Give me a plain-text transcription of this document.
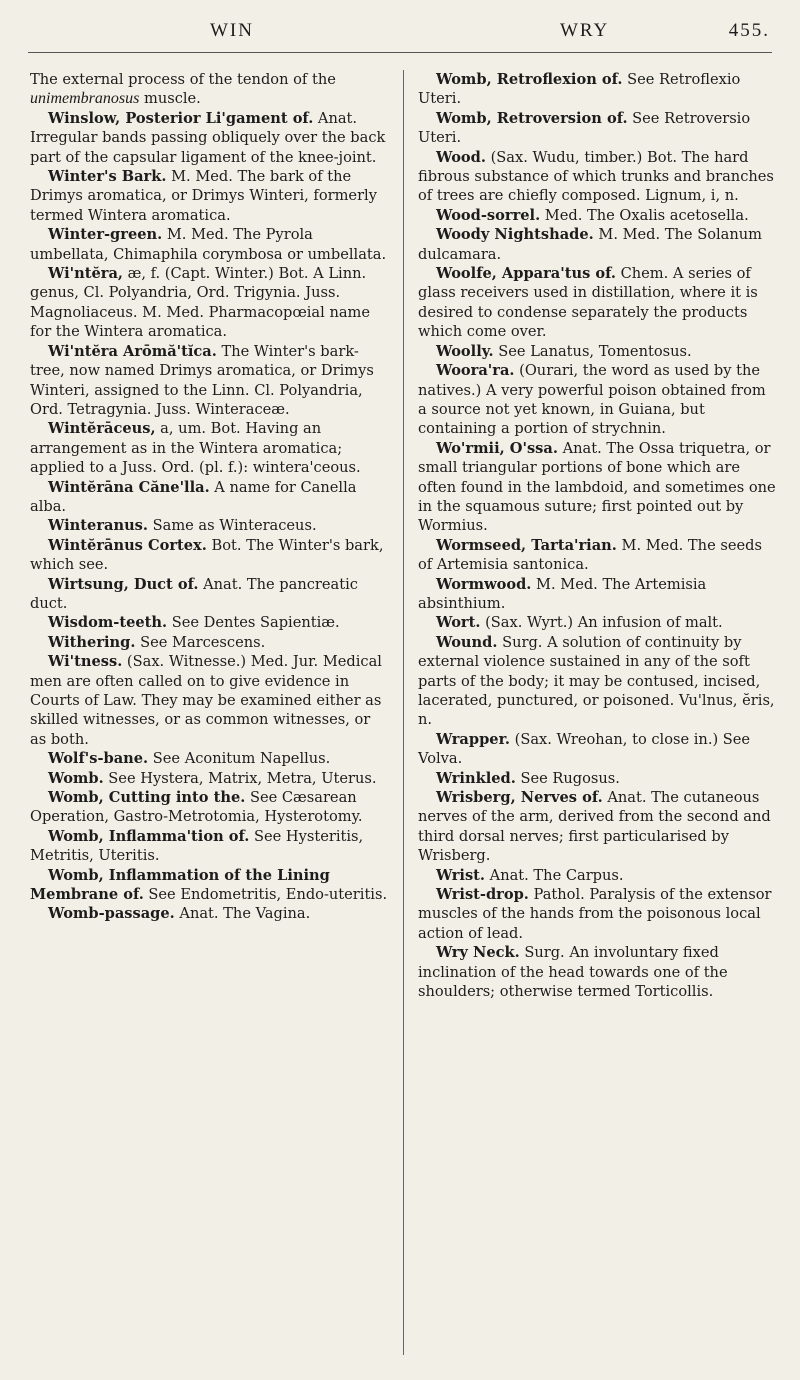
WIN	WRY	455.

The external process of the tendon of the unimembranosus muscle.

Winslow, Posterior Li'gament of. Anat. Irregular bands passing obliquely over the back part of the capsular ligament of the knee-joint.

Winter's Bark. M. Med. The bark of the Drimys aromatica, or Drimys Winteri, formerly termed Wintera aromatica.

Winter-green. M. Med. The Pyrola umbellata, Chimaphila corymbosa or umbellata.

Wi'ntĕra, æ, f. (Capt. Winter.) Bot. A Linn. genus, Cl. Polyandria, Ord. Trigynia. Juss. Magnoliaceus. M. Med. Pharmacopœial name for the Wintera aromatica.

Wi'ntĕra Arōmă'tĭca. The Winter's bark-tree, now named Drimys aromatica, or Drimys Winteri, assigned to the Linn. Cl. Polyandria, Ord. Tetragynia. Juss. Winteraceæ.

Wintĕrāceus, a, um. Bot. Having an arrangement as in the Wintera aromatica; applied to a Juss. Ord. (pl. f.): wintera'ceous.

Wintĕrāna Căne'lla. A name for Canella alba.

Winteranus. Same as Winteraceus.

Wintĕrānus Cortex. Bot. The Winter's bark, which see.

Wirtsung, Duct of. Anat. The pancreatic duct.

Wisdom-teeth. See Dentes Sapientiæ.

Withering. See Marcescens.

Wi'tness. (Sax. Witnesse.) Med. Jur. Medical men are often called on to give evidence in Courts of Law. They may be examined either as skilled witnesses, or as common witnesses, or as both.

Wolf's-bane. See Aconitum Napellus.

Womb. See Hystera, Matrix, Metra, Uterus.

Womb, Cutting into the. See Cæsarean Operation, Gastro-Metrotomia, Hysterotomy.

Womb, Inflamma'tion of. See Hysteritis, Metritis, Uteritis.

Womb, Inflammation of the Lining Membrane of. See Endometritis, Endo-uteritis.

Womb-passage. Anat. The Vagina.

Womb, Retroflexion of. See Retroflexio Uteri.

Womb, Retroversion of. See Retroversio Uteri.

Wood. (Sax. Wudu, timber.) Bot. The hard fibrous substance of which trunks and branches of trees are chiefly composed. Lignum, i, n.

Wood-sorrel. Med. The Oxalis acetosella.

Woody Nightshade. M. Med. The Solanum dulcamara.

Woolfe, Appara'tus of. Chem. A series of glass receivers used in distillation, where it is desired to condense separately the products which come over.

Woolly. See Lanatus, Tomentosus.

Woora'ra. (Ourari, the word as used by the natives.) A very powerful poison obtained from a source not yet known, in Guiana, but containing a portion of strychnin.

Wo'rmii, O'ssa. Anat. The Ossa triquetra, or small triangular portions of bone which are often found in the lambdoid, and sometimes one in the squamous suture; first pointed out by Wormius.

Wormseed, Tarta'rian. M. Med. The seeds of Artemisia santonica.

Wormwood. M. Med. The Artemisia absinthium.

Wort. (Sax. Wyrt.) An infusion of malt.

Wound. Surg. A solution of continuity by external violence sustained in any of the soft parts of the body; it may be contused, incised, lacerated, punctured, or poisoned. Vu'lnus, ĕris, n.

Wrapper. (Sax. Wreohan, to close in.) See Volva.

Wrinkled. See Rugosus.

Wrisberg, Nerves of. Anat. The cutaneous nerves of the arm, derived from the second and third dorsal nerves; first particularised by Wrisberg.

Wrist. Anat. The Carpus.

Wrist-drop. Pathol. Paralysis of the extensor muscles of the hands from the poisonous local action of lead.

Wry Neck. Surg. An involuntary fixed inclination of the head towards one of the shoulders; otherwise termed Torticollis.
